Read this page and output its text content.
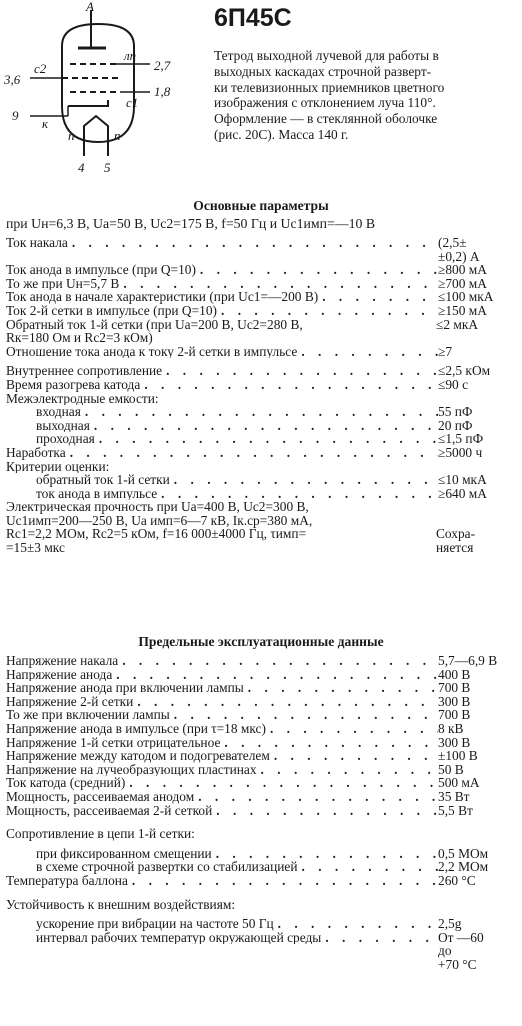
А
9
с2
3,6
лп
2,7
с1
1,8
к
п	п
4 5
6П45С
Тетрод выходной лучевой для работы в
выходных каскадах строчной разверт-
ки телевизионных приемников цветного
изображения с отклонением луча 110°.
Оформление — в стеклянной оболочке
(рис. 20С). Масса 140 г.
Основные параметры
при Uн=6,3 В, Uа=50 В, Uс2=175 В, f=50 Гц и Uс1имп=—10 В
Ток накала . . .	(2,5±
±0,2) А
Ток анода в импульсе (при Q=10) . . .	≥800 мА
То же при Uн=5,7 В . . .	≥700 мА
Ток анода в начале характеристики (при Uс1=—200 В) . . .	≤100 мкА
Ток 2-й сетки в импульсе (при Q=10) . . .	≥150 мА
Обратный ток 1-й сетки (при Uа=200 В, Uс2=280 В,
Rк=180 Ом и Rс2=3 кОм)
≤2 мкА
Отношение тока анода к току 2-й сетки в импульсе . . .	≥7
Внутреннее сопротивление . . .	≤2,5 кОм
Время разогрева катода . . .	≤90 с
Межэлектродные емкости:
входная . . .	55 пФ
выходная . . .	20 пФ
проходная . . .	≤1,5 пФ
Наработка . . .	≥5000 ч
Критерии оценки:
обратный ток 1-й сетки . . .	≤10 мкА
ток анода в импульсе . . .	≥640 мА
Электрическая прочность при Uа=400 В, Uс2=300 В,
Uс1имп=200—250 В, Uа имп=6—7 кВ, Iк.ср=380 мА,
Rс1=2,2 МОм, Rс2=5 кОм, f=16 000±4000 Гц, τимп=
=15±3 мкс

Сохра-
няется
Предельные эксплуатационные данные
Напряжение накала . . .	5,7—6,9 В
Напряжение анода . . .	400 В
Напряжение анода при включении лампы . . .	700 В
Напряжение 2-й сетки . . .	300 В
То же при включении лампы . . .	700 В
Напряжение анода в импульсе (при τ=18 мкс) . . .	8 кВ
Напряжение 1-й сетки отрицательное . . .	300 В
Напряжение между катодом и подогревателем . . .	±100 В
Напряжение на лучеобразующих пластинах . . .	50 В
Ток катода (средний) . . .	500 мА
Мощность, рассеиваемая анодом . . .	35 Вт
Мощность, рассеиваемая 2-й сеткой . . .	5,5 Вт
Сопротивление в цепи 1-й сетки:
при фиксированном смещении . . .	0,5 МОм
в схеме строчной развертки со стабилизацией . . .	2,2 МОм
Температура баллона . . .	260 °С
Устойчивость к внешним воздействиям:
ускорение при вибрации на частоте 50 Гц . . .	2,5g
интервал рабочих температур окружающей среды . . .	От —60
до
+70 °С
